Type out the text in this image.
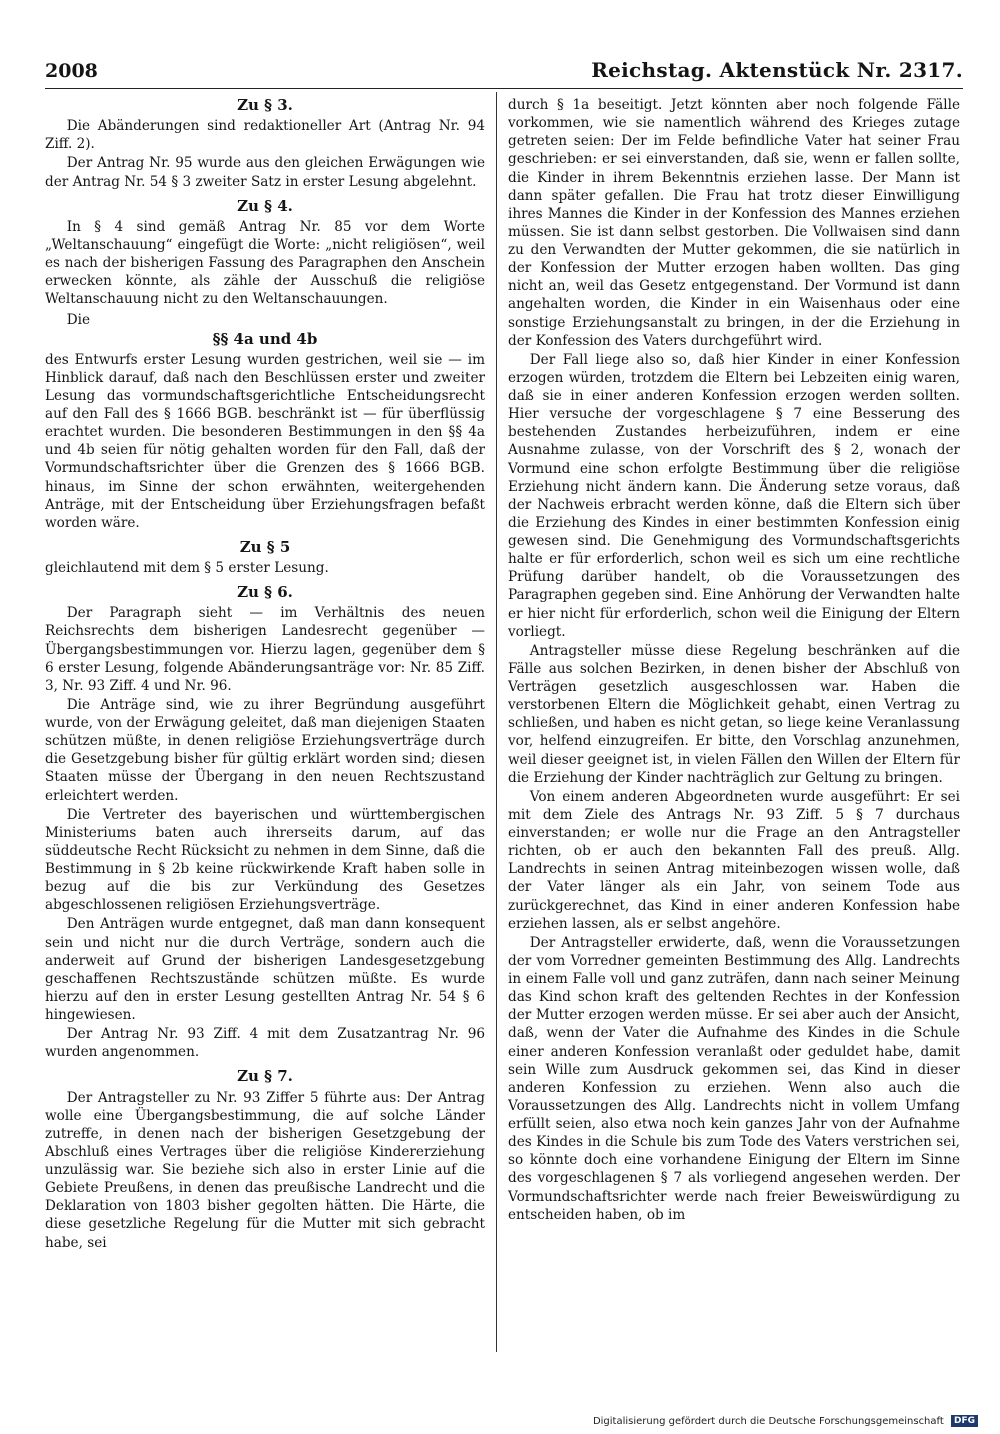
2008	Reichstag. Aktenstück Nr. 2317.
Zu § 3.

Die Abänderungen sind redaktioneller Art (Antrag Nr. 94 Ziff. 2).

Der Antrag Nr. 95 wurde aus den gleichen Erwägungen wie der Antrag Nr. 54 § 3 zweiter Satz in erster Lesung abgelehnt.

Zu § 4.

In § 4 sind gemäß Antrag Nr. 85 vor dem Worte „Weltanschauung“ eingefügt die Worte: „nicht religiösen“, weil es nach der bisherigen Fassung des Paragraphen den Anschein erwecken könnte, als zähle der Ausschuß die religiöse Weltanschauung nicht zu den Weltanschauungen.

Die

§§ 4a und 4b

des Entwurfs erster Lesung wurden gestrichen, weil sie — im Hinblick darauf, daß nach den Beschlüssen erster und zweiter Lesung das vormundschaftsgerichtliche Entscheidungsrecht auf den Fall des § 1666 BGB. beschränkt ist — für überflüssig erachtet wurden. Die besonderen Bestimmungen in den §§ 4a und 4b seien für nötig gehalten worden für den Fall, daß der Vormundschaftsrichter über die Grenzen des § 1666 BGB. hinaus, im Sinne der schon erwähnten, weitergehenden Anträge, mit der Entscheidung über Erziehungsfragen befaßt worden wäre.

Zu § 5

gleichlautend mit dem § 5 erster Lesung.

Zu § 6.

Der Paragraph sieht — im Verhältnis des neuen Reichsrechts dem bisherigen Landesrecht gegenüber — Übergangsbestimmungen vor. Hierzu lagen, gegenüber dem § 6 erster Lesung, folgende Abänderungsanträge vor: Nr. 85 Ziff. 3, Nr. 93 Ziff. 4 und Nr. 96.

Die Anträge sind, wie zu ihrer Begründung ausgeführt wurde, von der Erwägung geleitet, daß man diejenigen Staaten schützen müßte, in denen religiöse Erziehungsverträge durch die Gesetzgebung bisher für gültig erklärt worden sind; diesen Staaten müsse der Übergang in den neuen Rechtszustand erleichtert werden.

Die Vertreter des bayerischen und württembergischen Ministeriums baten auch ihrerseits darum, auf das süddeutsche Recht Rücksicht zu nehmen in dem Sinne, daß die Bestimmung in § 2b keine rückwirkende Kraft haben solle in bezug auf die bis zur Verkündung des Gesetzes abgeschlossenen religiösen Erziehungsverträge.

Den Anträgen wurde entgegnet, daß man dann konsequent sein und nicht nur die durch Verträge, sondern auch die anderweit auf Grund der bisherigen Landesgesetzgebung geschaffenen Rechtszustände schützen müßte. Es wurde hierzu auf den in erster Lesung gestellten Antrag Nr. 54 § 6 hingewiesen.

Der Antrag Nr. 93 Ziff. 4 mit dem Zusatzantrag Nr. 96 wurden angenommen.

Zu § 7.

Der Antragsteller zu Nr. 93 Ziffer 5 führte aus: Der Antrag wolle eine Übergangsbestimmung, die auf solche Länder zutreffe, in denen nach der bisherigen Gesetzgebung der Abschluß eines Vertrages über die religiöse Kindererziehung unzulässig war. Sie beziehe sich also in erster Linie auf die Gebiete Preußens, in denen das preußische Landrecht und die Deklaration von 1803 bisher gegolten hätten. Die Härte, die diese gesetzliche Regelung für die Mutter mit sich gebracht habe, sei

durch § 1a beseitigt. Jetzt könnten aber noch folgende Fälle vorkommen, wie sie namentlich während des Krieges zutage getreten seien: Der im Felde befindliche Vater hat seiner Frau geschrieben: er sei einverstanden, daß sie, wenn er fallen sollte, die Kinder in ihrem Bekenntnis erziehen lasse. Der Mann ist dann später gefallen. Die Frau hat trotz dieser Einwilligung ihres Mannes die Kinder in der Konfession des Mannes erziehen müssen. Sie ist dann selbst gestorben. Die Vollwaisen sind dann zu den Verwandten der Mutter gekommen, die sie natürlich in der Konfession der Mutter erzogen haben wollten. Das ging nicht an, weil das Gesetz entgegenstand. Der Vormund ist dann angehalten worden, die Kinder in ein Waisenhaus oder eine sonstige Erziehungsanstalt zu bringen, in der die Erziehung in der Konfession des Vaters durchgeführt wird.

Der Fall liege also so, daß hier Kinder in einer Konfession erzogen würden, trotzdem die Eltern bei Lebzeiten einig waren, daß sie in einer anderen Konfession erzogen werden sollten. Hier versuche der vorgeschlagene § 7 eine Besserung des bestehenden Zustandes herbeizuführen, indem er eine Ausnahme zulasse, von der Vorschrift des § 2, wonach der Vormund eine schon erfolgte Bestimmung über die religiöse Erziehung nicht ändern kann. Die Änderung setze voraus, daß der Nachweis erbracht werden könne, daß die Eltern sich über die Erziehung des Kindes in einer bestimmten Konfession einig gewesen sind. Die Genehmigung des Vormundschaftsgerichts halte er für erforderlich, schon weil es sich um eine rechtliche Prüfung darüber handelt, ob die Voraussetzungen des Paragraphen gegeben sind. Eine Anhörung der Verwandten halte er hier nicht für erforderlich, schon weil die Einigung der Eltern vorliegt.

Antragsteller müsse diese Regelung beschränken auf die Fälle aus solchen Bezirken, in denen bisher der Abschluß von Verträgen gesetzlich ausgeschlossen war. Haben die verstorbenen Eltern die Möglichkeit gehabt, einen Vertrag zu schließen, und haben es nicht getan, so liege keine Veranlassung vor, helfend einzugreifen. Er bitte, den Vorschlag anzunehmen, weil dieser geeignet ist, in vielen Fällen den Willen der Eltern für die Erziehung der Kinder nachträglich zur Geltung zu bringen.

Von einem anderen Abgeordneten wurde ausgeführt: Er sei mit dem Ziele des Antrags Nr. 93 Ziff. 5 § 7 durchaus einverstanden; er wolle nur die Frage an den Antragsteller richten, ob er auch den bekannten Fall des preuß. Allg. Landrechts in seinen Antrag miteinbezogen wissen wolle, daß der Vater länger als ein Jahr, von seinem Tode aus zurückgerechnet, das Kind in einer anderen Konfession habe erziehen lassen, als er selbst angehöre.

Der Antragsteller erwiderte, daß, wenn die Voraussetzungen der vom Vorredner gemeinten Bestimmung des Allg. Landrechts in einem Falle voll und ganz zuträfen, dann nach seiner Meinung das Kind schon kraft des geltenden Rechtes in der Konfession der Mutter erzogen werden müsse. Er sei aber auch der Ansicht, daß, wenn der Vater die Aufnahme des Kindes in die Schule einer anderen Konfession veranlaßt oder geduldet habe, damit sein Wille zum Ausdruck gekommen sei, das Kind in dieser anderen Konfession zu erziehen. Wenn also auch die Voraussetzungen des Allg. Landrechts nicht in vollem Umfang erfüllt seien, also etwa noch kein ganzes Jahr von der Aufnahme des Kindes in die Schule bis zum Tode des Vaters verstrichen sei, so könnte doch eine vorhandene Einigung der Eltern im Sinne des vorgeschlagenen § 7 als vorliegend angesehen werden. Der Vormundschaftsrichter werde nach freier Beweiswürdigung zu entscheiden haben, ob im

Digitalisierung gefördert durch die Deutsche Forschungsgemeinschaft DFG
